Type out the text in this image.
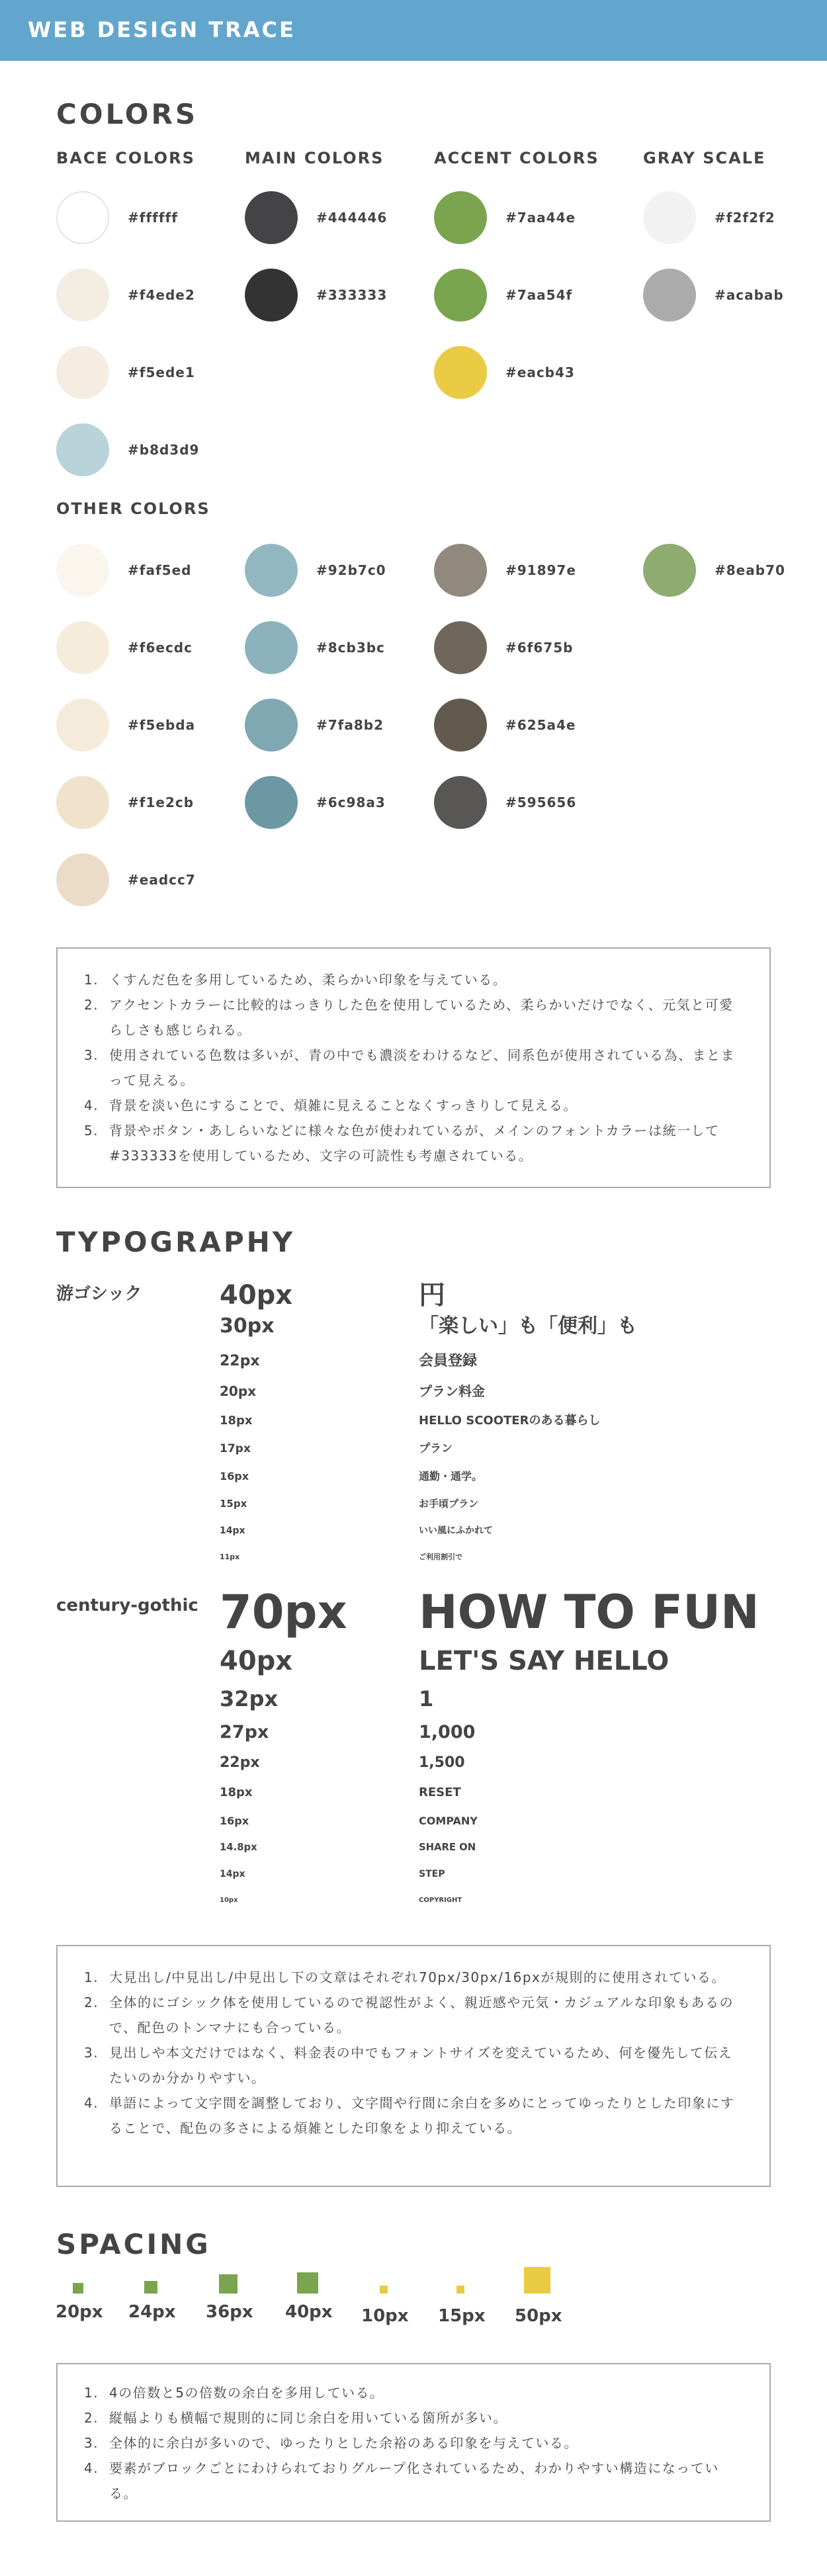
WEB DESIGN TRACE
COLORS
BACE COLORS
#ffffff
#f4ede2
#f5ede1
#b8d3d9
MAIN COLORS
#444446
#333333
ACCENT COLORS
#7aa44e
#7aa54f
#eacb43
GRAY SCALE
#f2f2f2
#acabab
OTHER COLORS
#faf5ed
#f6ecdc
#f5ebda
#f1e2cb
#eadcc7
#92b7c0
#8cb3bc
#7fa8b2
#6c98a3
#91897e
#6f675b
#625a4e
#595656
#8eab70
1. くすんだ色を多用しているため、柔らかい印象を与えている。
2. アクセントカラーに比較的はっきりした色を使用しているため、柔らかいだけでなく、元気と可愛らしさも感じられる。
3. 使用されている色数は多いが、青の中でも濃淡をわけるなど、同系色が使用されている為、まとまって見える。
4. 背景を淡い色にすることで、煩雑に見えることなくすっきりして見える。
5. 背景やボタン・あしらいなどに様々な色が使われているが、メインのフォントカラーは統一して#333333を使用しているため、文字の可読性も考慮されている。
TYPOGRAPHY
游ゴシック	40px	円
30px	「楽しい」も「便利」も
22px	会員登録
20px	プラン料金
18px	HELLO SCOOTERのある暮らし
17px	プラン
16px	通勤・通学。
15px	お手頃プラン
14px	いい風にふかれて
11px	ご利用割引で
century-gothic 70px HOW TO FUN
40px	LET'S SAY HELLO
32px	1
27px	1,000
22px	1,500
18px	RESET
16px	COMPANY
14.8px	SHARE ON
14px	STEP
10px	COPYRIGHT
1. 大見出し/中見出し/中見出し下の文章はそれぞれ70px/30px/16pxが規則的に使用されている。
2. 全体的にゴシック体を使用しているので視認性がよく、親近感や元気・カジュアルな印象もあるので、配色のトンマナにも合っている。
3. 見出しや本文だけではなく、料金表の中でもフォントサイズを変えているため、何を優先して伝えたいのか分かりやすい。
4. 単語によって文字間を調整しており、文字間や行間に余白を多めにとってゆったりとした印象にすることで、配色の多さによる煩雑とした印象をより抑えている。
SPACING
20px 24px 36px 40px 10px 15px 50px
1. 4の倍数と5の倍数の余白を多用している。
2. 縦幅よりも横幅で規則的に同じ余白を用いている箇所が多い。
3. 全体的に余白が多いので、ゆったりとした余裕のある印象を与えている。
4. 要素がブロックごとにわけられておりグループ化されているため、わかりやすい構造になっている。
